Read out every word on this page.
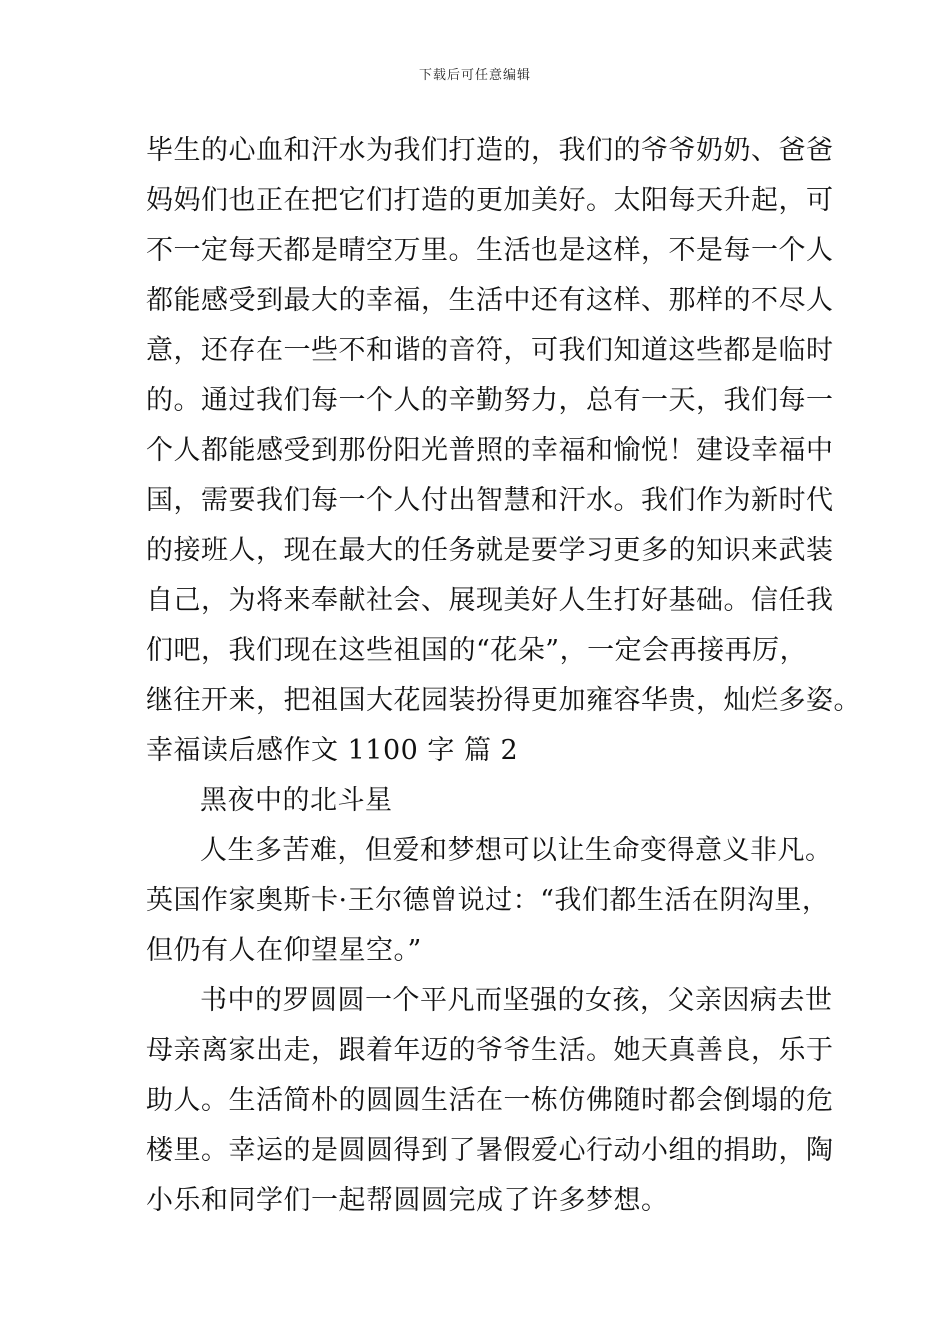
下载后可任意编辑
毕生的心血和汗水为我们打造的，我们的爷爷奶奶、爸爸
妈妈们也正在把它们打造的更加美好。太阳每天升起，可
不一定每天都是晴空万里。生活也是这样，不是每一个人
都能感受到最大的幸福，生活中还有这样、那样的不尽人
意，还存在一些不和谐的音符，可我们知道这些都是临时
的。通过我们每一个人的辛勤努力，总有一天，我们每一
个人都能感受到那份阳光普照的幸福和愉悦！建设幸福中
国，需要我们每一个人付出智慧和汗水。我们作为新时代
的接班人，现在最大的任务就是要学习更多的知识来武装
自己，为将来奉献社会、展现美好人生打好基础。信任我
们吧，我们现在这些祖国的“花朵”，一定会再接再厉，
继往开来，把祖国大花园装扮得更加雍容华贵，灿烂多姿。
幸福读后感作文 1100 字 篇 2
黑夜中的北斗星
人生多苦难，但爱和梦想可以让生命变得意义非凡。
英国作家奥斯卡·王尔德曾说过：“我们都生活在阴沟里，
但仍有人在仰望星空。”
书中的罗圆圆一个平凡而坚强的女孩，父亲因病去世
母亲离家出走，跟着年迈的爷爷生活。她天真善良，乐于
助人。生活简朴的圆圆生活在一栋仿佛随时都会倒塌的危
楼里。幸运的是圆圆得到了暑假爱心行动小组的捐助，陶
小乐和同学们一起帮圆圆完成了许多梦想。
